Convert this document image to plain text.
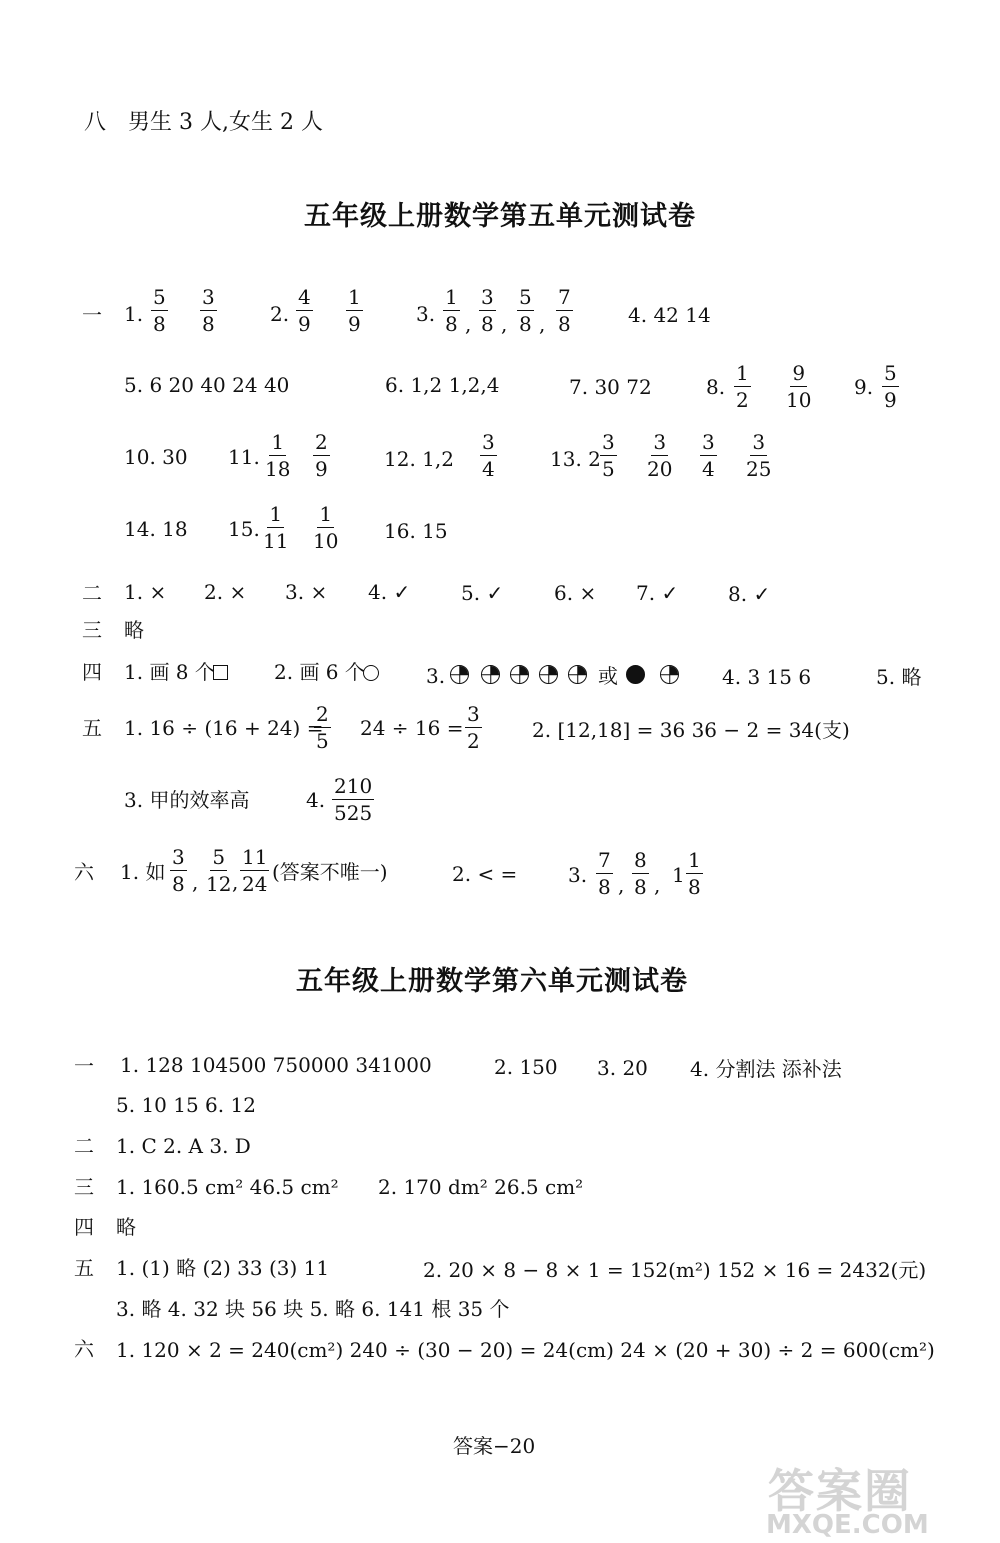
八 男生 3 人,女生 2 人
五年级上册数学第五单元测试卷
一 1. $\frac{5}{8} \frac{3}{8}$	2. $\frac{4}{9} \frac{1}{9}$	3. $\frac{1}{8}$ , $\frac{3}{8}$ , $\frac{5}{8}$ , $\frac{7}{8}$	4. 42 14
5. 6 20 40 24 40	6. 1,2 1,2,4	7. 30 72	8. $\frac{1}{2} \frac{9}{10} 9$. $\frac{5}{9}$
10. 30 11. $\frac{1}{18} \frac{2}{9}$	12. $1,2 \frac{3}{4}$	13. $2 \frac{3}{5} \frac{3}{20} \frac{3}{4} \frac{3}{25}$
14. 18 15. $\frac{1}{11} \frac{1}{10} 16$. 15
二 1. × 2. × 3. × 4. ✓	5. ✓	6. × 7. ✓ 8. ✓
三 略
四 1. 画 8 个	2. 画 6 个	3.	或	4. 3 15 6	5. 略
五 1. 16 ÷ (16 + 24) =
$\frac{2}{5} 24 \div 16 = \frac{3}{2}$	2. [12,18] = 36 36 − 2 = 34(支)
3. 甲的效率高	4. $\frac{210}{525}$
六 1. 如 $\frac{3}{8}$ , $\frac{5}{12}$
, $\frac{11}{24}$ (答案不唯一)	2. < =	3. $\frac{7}{8}$ , $\frac{8}{8}$ , $1 \frac{1}{8}$
五年级上册数学第六单元测试卷
一 1. 128 104500 750000 341000	2. 150 3. 20 4. 分割法 添补法
5. 10 15 6. 12
二 1. C 2. A 3. D
三 1. 160.5 cm² 46.5 cm² 2. 170 dm² 26.5 cm²
四 略
五 1. (1) 略 (2) 33 (3) 11	2. 20 × 8 − 8 × 1 = 152(m²) 152 × 16 = 2432(元)
3. 略 4. 32 块 56 块 5. 略 6. 141 根 35 个
六 1. 120 × 2 = 240(cm²) 240 ÷ (30 − 20) = 24(cm) 24 × (20 + 30) ÷ 2 = 600(cm²)
答案−20
答案圈
MXQE.COM
